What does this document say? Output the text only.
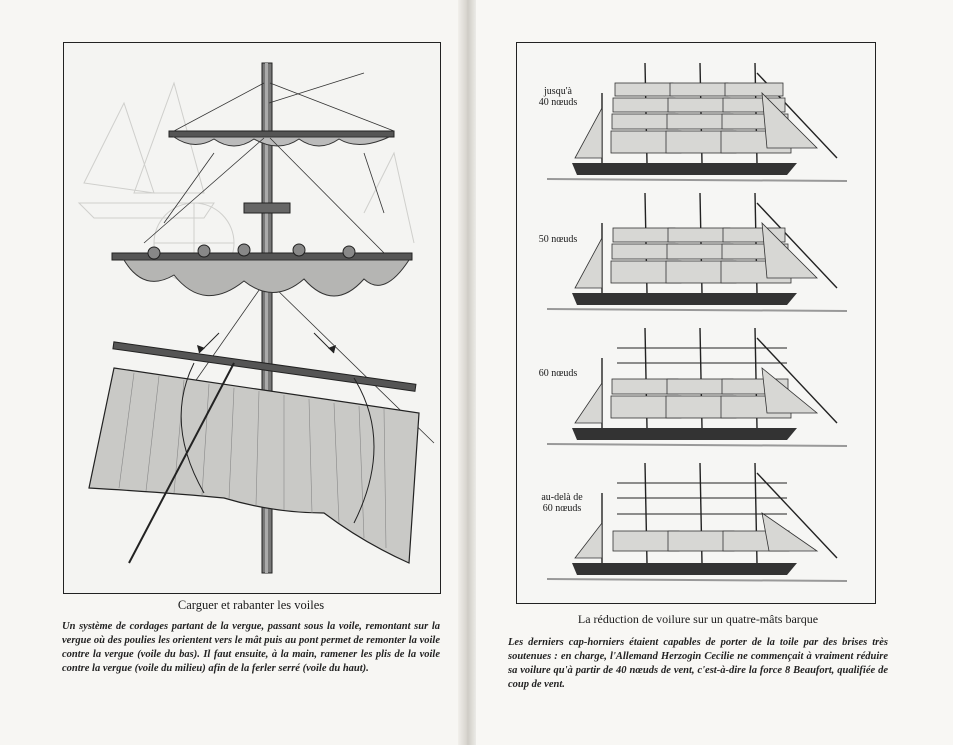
Carguer et rabanter les voiles
Un système de cordages partant de la vergue, passant sous la voile, remontant sur la vergue où des poulies les orientent vers le mât puis au pont permet de remonter la voile contre la vergue (voile du bas). Il faut ensuite, à la main, ramener les plis de la voile contre la vergue (voile du milieu) afin de la ferler serré (voile du haut).
jusqu'à
40 nœuds
50 nœuds
60 nœuds
au-delà de
60 nœuds
La réduction de voilure sur un quatre-mâts barque
Les derniers cap-horniers étaient capables de porter de la toile par des brises très soutenues : en charge, l'Allemand Herzogin Cecilie ne commençait à vraiment réduire sa voilure qu'à partir de 40 nœuds de vent, c'est-à-dire la force 8 Beaufort, qualifiée de coup de vent.
